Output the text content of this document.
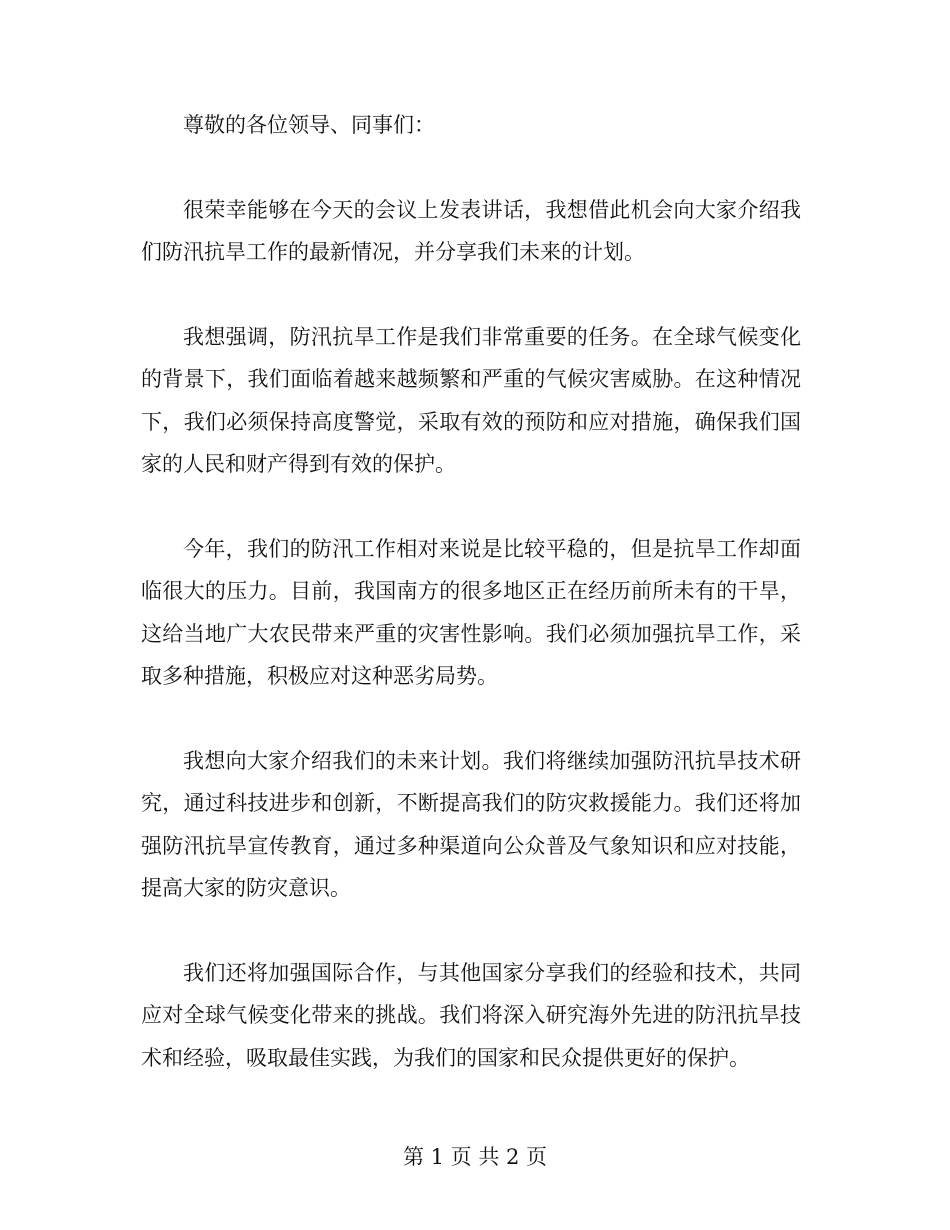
尊敬的各位领导、同事们：

很荣幸能够在今天的会议上发表讲话，我想借此机会向大家介绍我们防汛抗旱工作的最新情况，并分享我们未来的计划。

我想强调，防汛抗旱工作是我们非常重要的任务。在全球气候变化的背景下，我们面临着越来越频繁和严重的气候灾害威胁。在这种情况下，我们必须保持高度警觉，采取有效的预防和应对措施，确保我们国家的人民和财产得到有效的保护。

今年，我们的防汛工作相对来说是比较平稳的，但是抗旱工作却面临很大的压力。目前，我国南方的很多地区正在经历前所未有的干旱，这给当地广大农民带来严重的灾害性影响。我们必须加强抗旱工作，采取多种措施，积极应对这种恶劣局势。

我想向大家介绍我们的未来计划。我们将继续加强防汛抗旱技术研究，通过科技进步和创新，不断提高我们的防灾救援能力。我们还将加强防汛抗旱宣传教育，通过多种渠道向公众普及气象知识和应对技能，提高大家的防灾意识。

我们还将加强国际合作，与其他国家分享我们的经验和技术，共同应对全球气候变化带来的挑战。我们将深入研究海外先进的防汛抗旱技术和经验，吸取最佳实践，为我们的国家和民众提供更好的保护。

第 1 页 共 2 页
